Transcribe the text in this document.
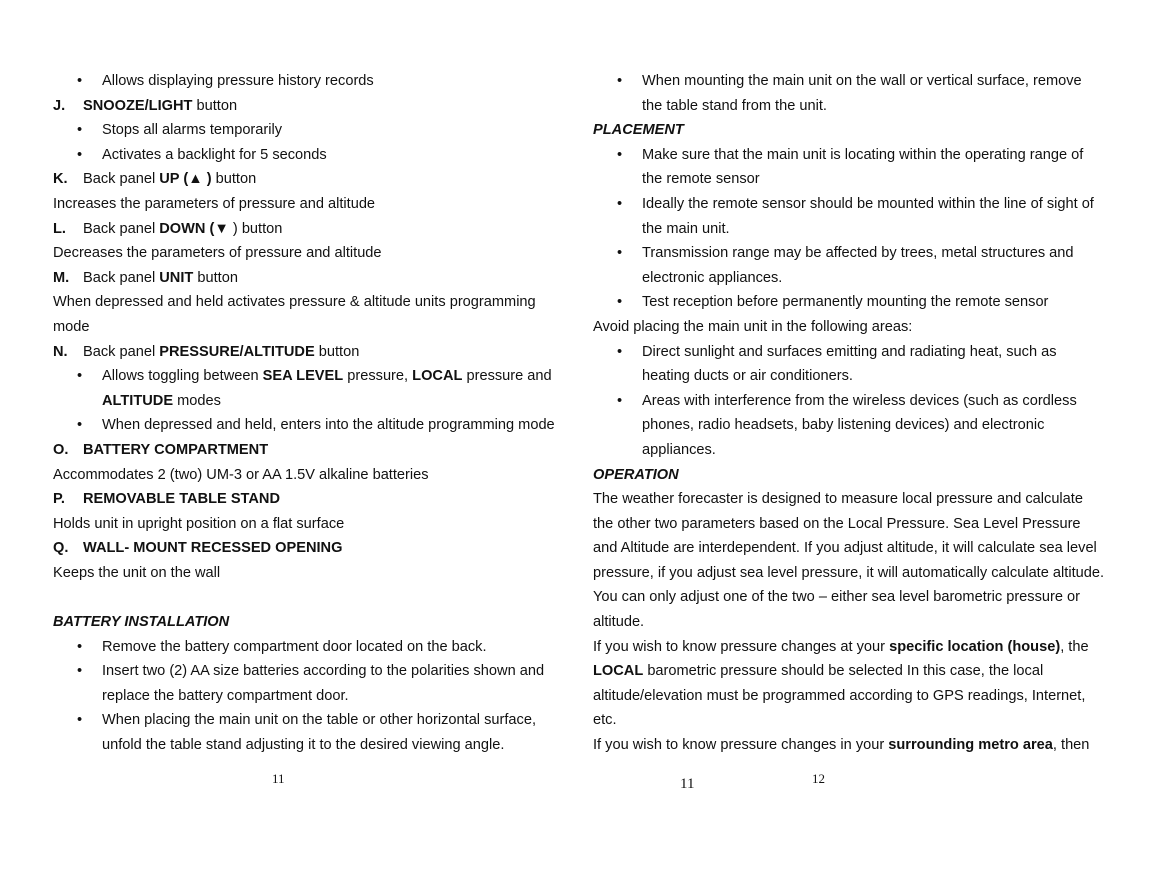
• Allows displaying pressure history records
J. SNOOZE/LIGHT button
• Stops all alarms temporarily
• Activates a backlight for 5 seconds
K. Back panel UP (▲ ) button
Increases the parameters of pressure and altitude
L. Back panel DOWN (▼ ) button
Decreases the parameters of pressure and altitude
M. Back panel UNIT button
When depressed and held activates pressure & altitude units programming
mode
N. Back panel PRESSURE/ALTITUDE button
• Allows toggling between SEA LEVEL pressure, LOCAL pressure and
ALTITUDE modes
• When depressed and held, enters into the altitude programming mode
O. BATTERY COMPARTMENT
Accommodates 2 (two) UM-3 or AA 1.5V alkaline batteries
P. REMOVABLE TABLE STAND
Holds unit in upright position on a flat surface
Q. WALL- MOUNT RECESSED OPENING
Keeps the unit on the wall
BATTERY INSTALLATION
• Remove the battery compartment door located on the back.
• Insert two (2) AA size batteries according to the polarities shown and
replace the battery compartment door.
• When placing the main unit on the table or other horizontal surface,
unfold the table stand adjusting it to the desired viewing angle.
• When mounting the main unit on the wall or vertical surface, remove
the table stand from the unit.
PLACEMENT
• Make sure that the main unit is locating within the operating range of
the remote sensor
• Ideally the remote sensor should be mounted within the line of sight of
the main unit.
• Transmission range may be affected by trees, metal structures and
electronic appliances.
• Test reception before permanently mounting the remote sensor
Avoid placing the main unit in the following areas:
• Direct sunlight and surfaces emitting and radiating heat, such as
heating ducts or air conditioners.
• Areas with interference from the wireless devices (such as cordless
phones, radio headsets, baby listening devices) and electronic
appliances.
OPERATION
The weather forecaster is designed to measure local pressure and calculate
the other two parameters based on the Local Pressure. Sea Level Pressure
and Altitude are interdependent. If you adjust altitude, it will calculate sea level
pressure, if you adjust sea level pressure, it will automatically calculate altitude.
You can only adjust one of the two – either sea level barometric pressure or
altitude.
If you wish to know pressure changes at your specific location (house), the
LOCAL barometric pressure should be selected In this case, the local
altitude/elevation must be programmed according to GPS readings, Internet,
etc.
If you wish to know pressure changes in your surrounding metro area, then
11	11	12
